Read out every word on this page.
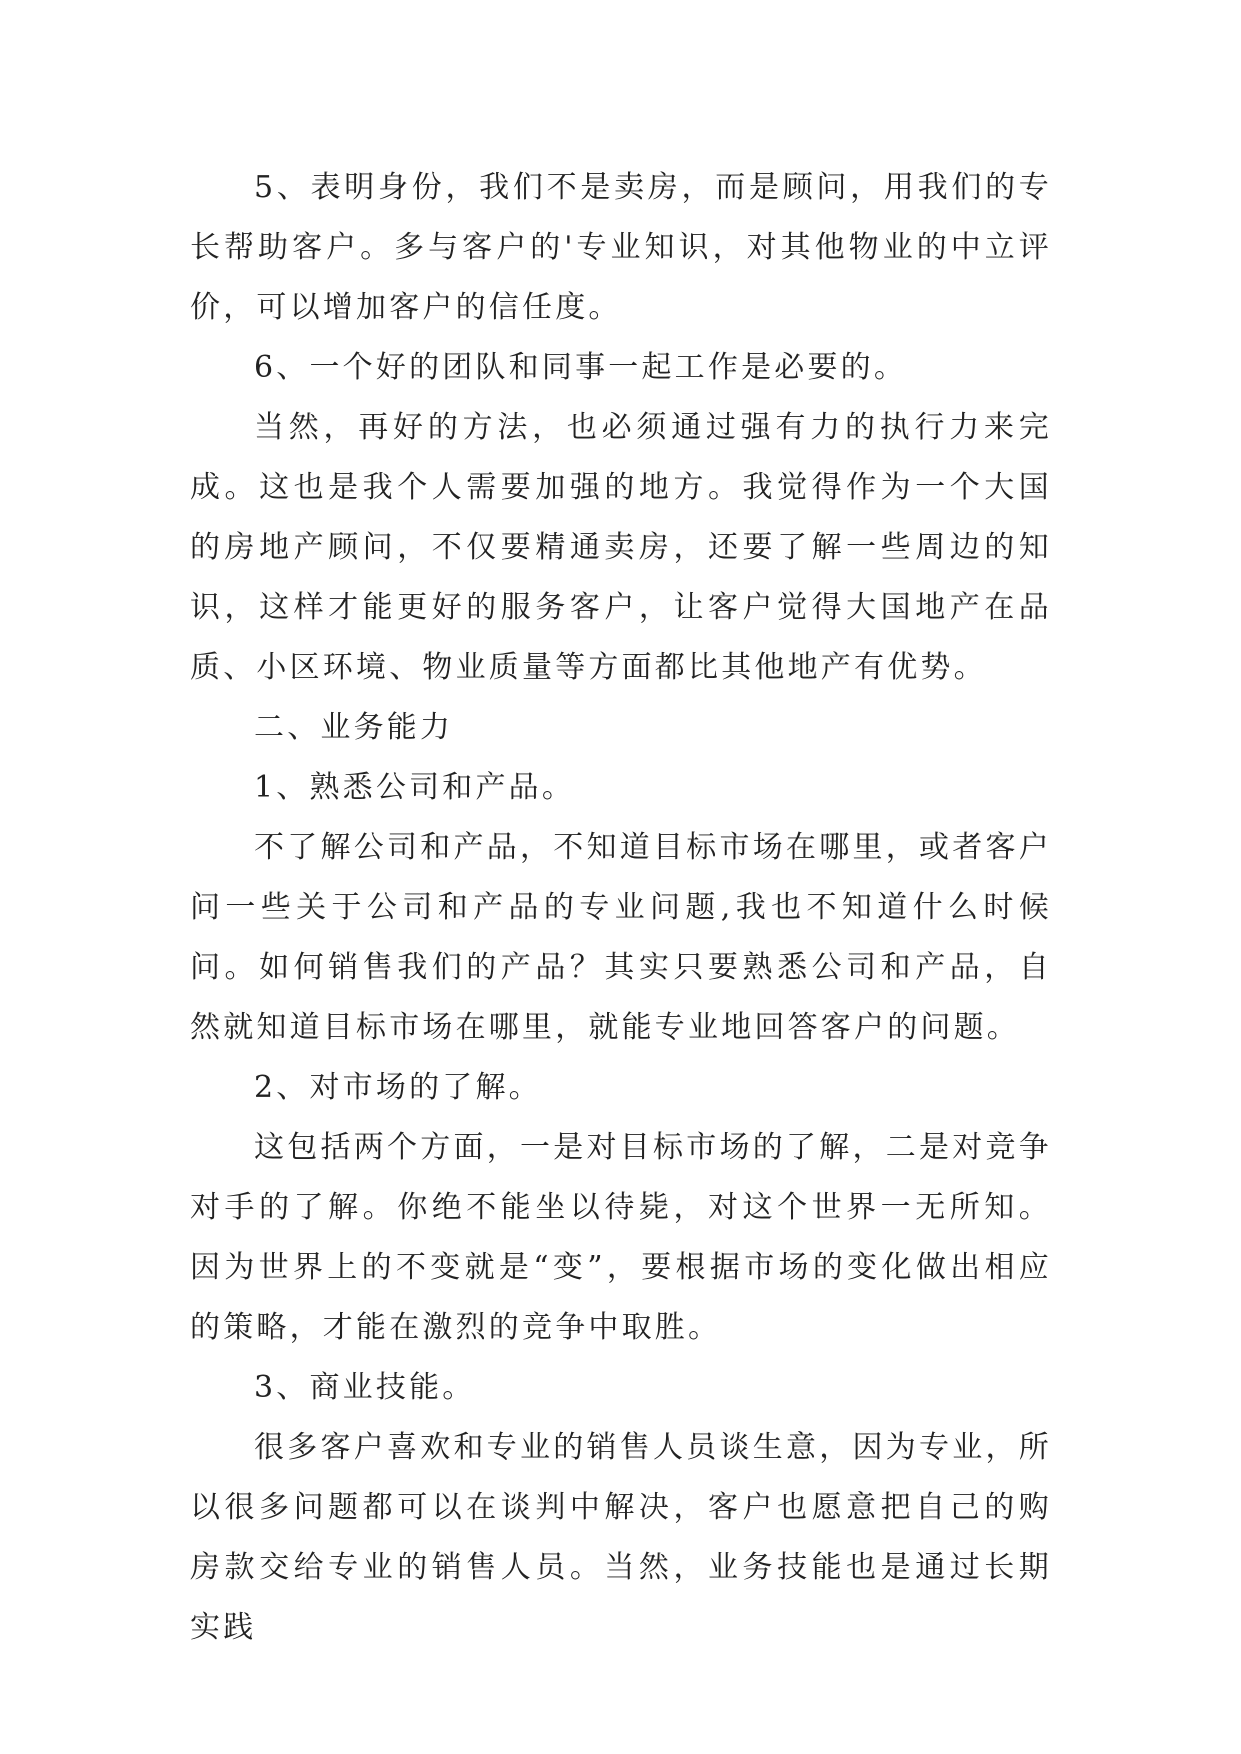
5、表明身份，我们不是卖房，而是顾问，用我们的专长帮助客户。多与客户的'专业知识，对其他物业的中立评价，可以增加客户的信任度。

6、一个好的团队和同事一起工作是必要的。

当然，再好的方法，也必须通过强有力的执行力来完成。这也是我个人需要加强的地方。我觉得作为一个大国的房地产顾问，不仅要精通卖房，还要了解一些周边的知识，这样才能更好的服务客户，让客户觉得大国地产在品质、小区环境、物业质量等方面都比其他地产有优势。

二、业务能力

1、熟悉公司和产品。

不了解公司和产品，不知道目标市场在哪里，或者客户问一些关于公司和产品的专业问题,我也不知道什么时候问。如何销售我们的产品？其实只要熟悉公司和产品，自然就知道目标市场在哪里，就能专业地回答客户的问题。

2、对市场的了解。

这包括两个方面，一是对目标市场的了解，二是对竞争对手的了解。你绝不能坐以待毙，对这个世界一无所知。因为世界上的不变就是“变”，要根据市场的变化做出相应的策略，才能在激烈的竞争中取胜。

3、商业技能。

很多客户喜欢和专业的销售人员谈生意，因为专业，所以很多问题都可以在谈判中解决，客户也愿意把自己的购房款交给专业的销售人员。当然，业务技能也是通过长期实践
